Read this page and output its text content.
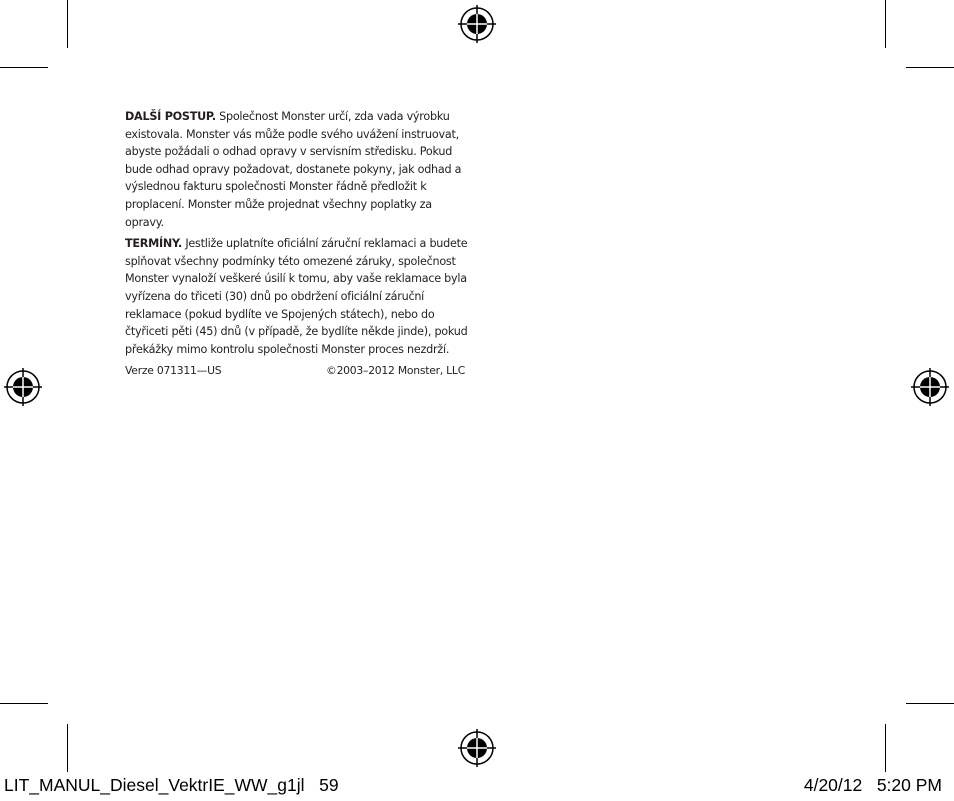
DALŠÍ POSTUP. Společnost Monster určí, zda vada výrobku existovala. Monster vás může podle svého uvážení instruovat, abyste požádali o odhad opravy v servisním středisku. Pokud bude odhad opravy požadovat, dostanete pokyny, jak odhad a výslednou fakturu společnosti Monster řádně předložit k proplacení. Monster může projednat všechny poplatky za opravy.

TERMÍNY. Jestliže uplatníte oficiální záruční reklamaci a budete splňovat všechny podmínky této omezené záruky, společnost Monster vynaloží veškeré úsilí k tomu, aby vaše reklamace byla vyřízena do třiceti (30) dnů po obdržení oficiální záruční reklamace (pokud bydlíte ve Spojených státech), nebo do čtyřiceti pěti (45) dnů (v případě, že bydlíte někde jinde), pokud překážky mimo kontrolu společnosti Monster proces nezdrží.

Verze 071311—US	©2003–2012 Monster, LLC
LIT_MANUL_Diesel_VektrIE_WW_g1jl   59	4/20/12   5:20 PM
